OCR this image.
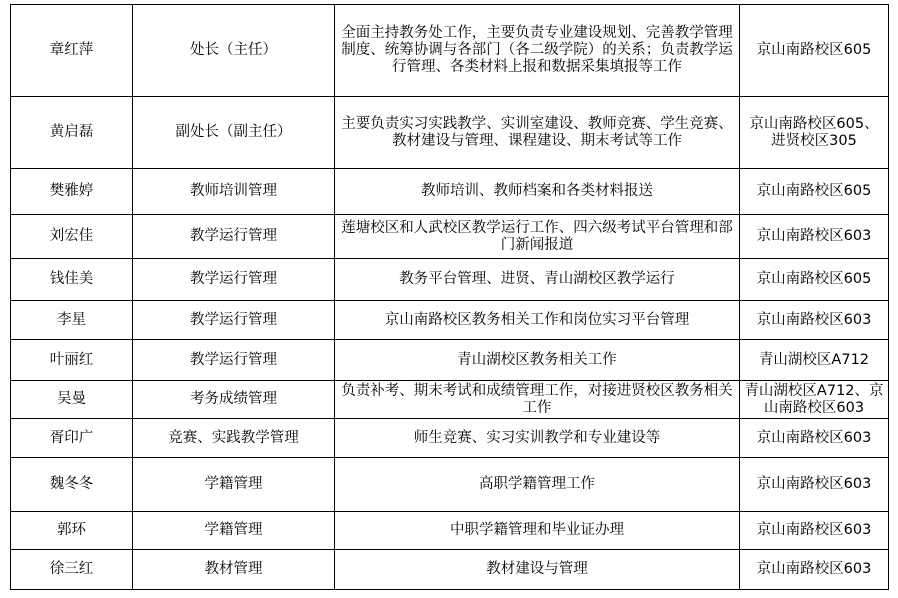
章红萍	处长（主任）	全面主持教务处工作，主要负责专业建设规划、完善教学管理制度、统筹协调与各部门（各二级学院）的关系；负责教学运行管理、各类材料上报和数据采集填报等工作	京山南路校区605
黄启磊	副处长（副主任）	主要负责实习实践教学、实训室建设、教师竞赛、学生竞赛、教材建设与管理、课程建设、期末考试等工作	京山南路校区605、进贤校区305
樊雅婷	教师培训管理	教师培训、教师档案和各类材料报送	京山南路校区605
刘宏佳	教学运行管理	莲塘校区和人武校区教学运行工作、四六级考试平台管理和部门新闻报道	京山南路校区603
钱佳美	教学运行管理	教务平台管理、进贤、青山湖校区教学运行	京山南路校区605
李星	教学运行管理	京山南路校区教务相关工作和岗位实习平台管理	京山南路校区603
叶丽红	教学运行管理	青山湖校区教务相关工作	青山湖校区A712
吴曼	考务成绩管理	负责补考、期末考试和成绩管理工作，对接进贤校区教务相关工作	青山湖校区A712、京山南路校区603
胥印广	竞赛、实践教学管理	师生竞赛、实习实训教学和专业建设等	京山南路校区603
魏冬冬	学籍管理	高职学籍管理工作	京山南路校区603
郭环	学籍管理	中职学籍管理和毕业证办理	京山南路校区603
徐三红	教材管理	教材建设与管理	京山南路校区603
